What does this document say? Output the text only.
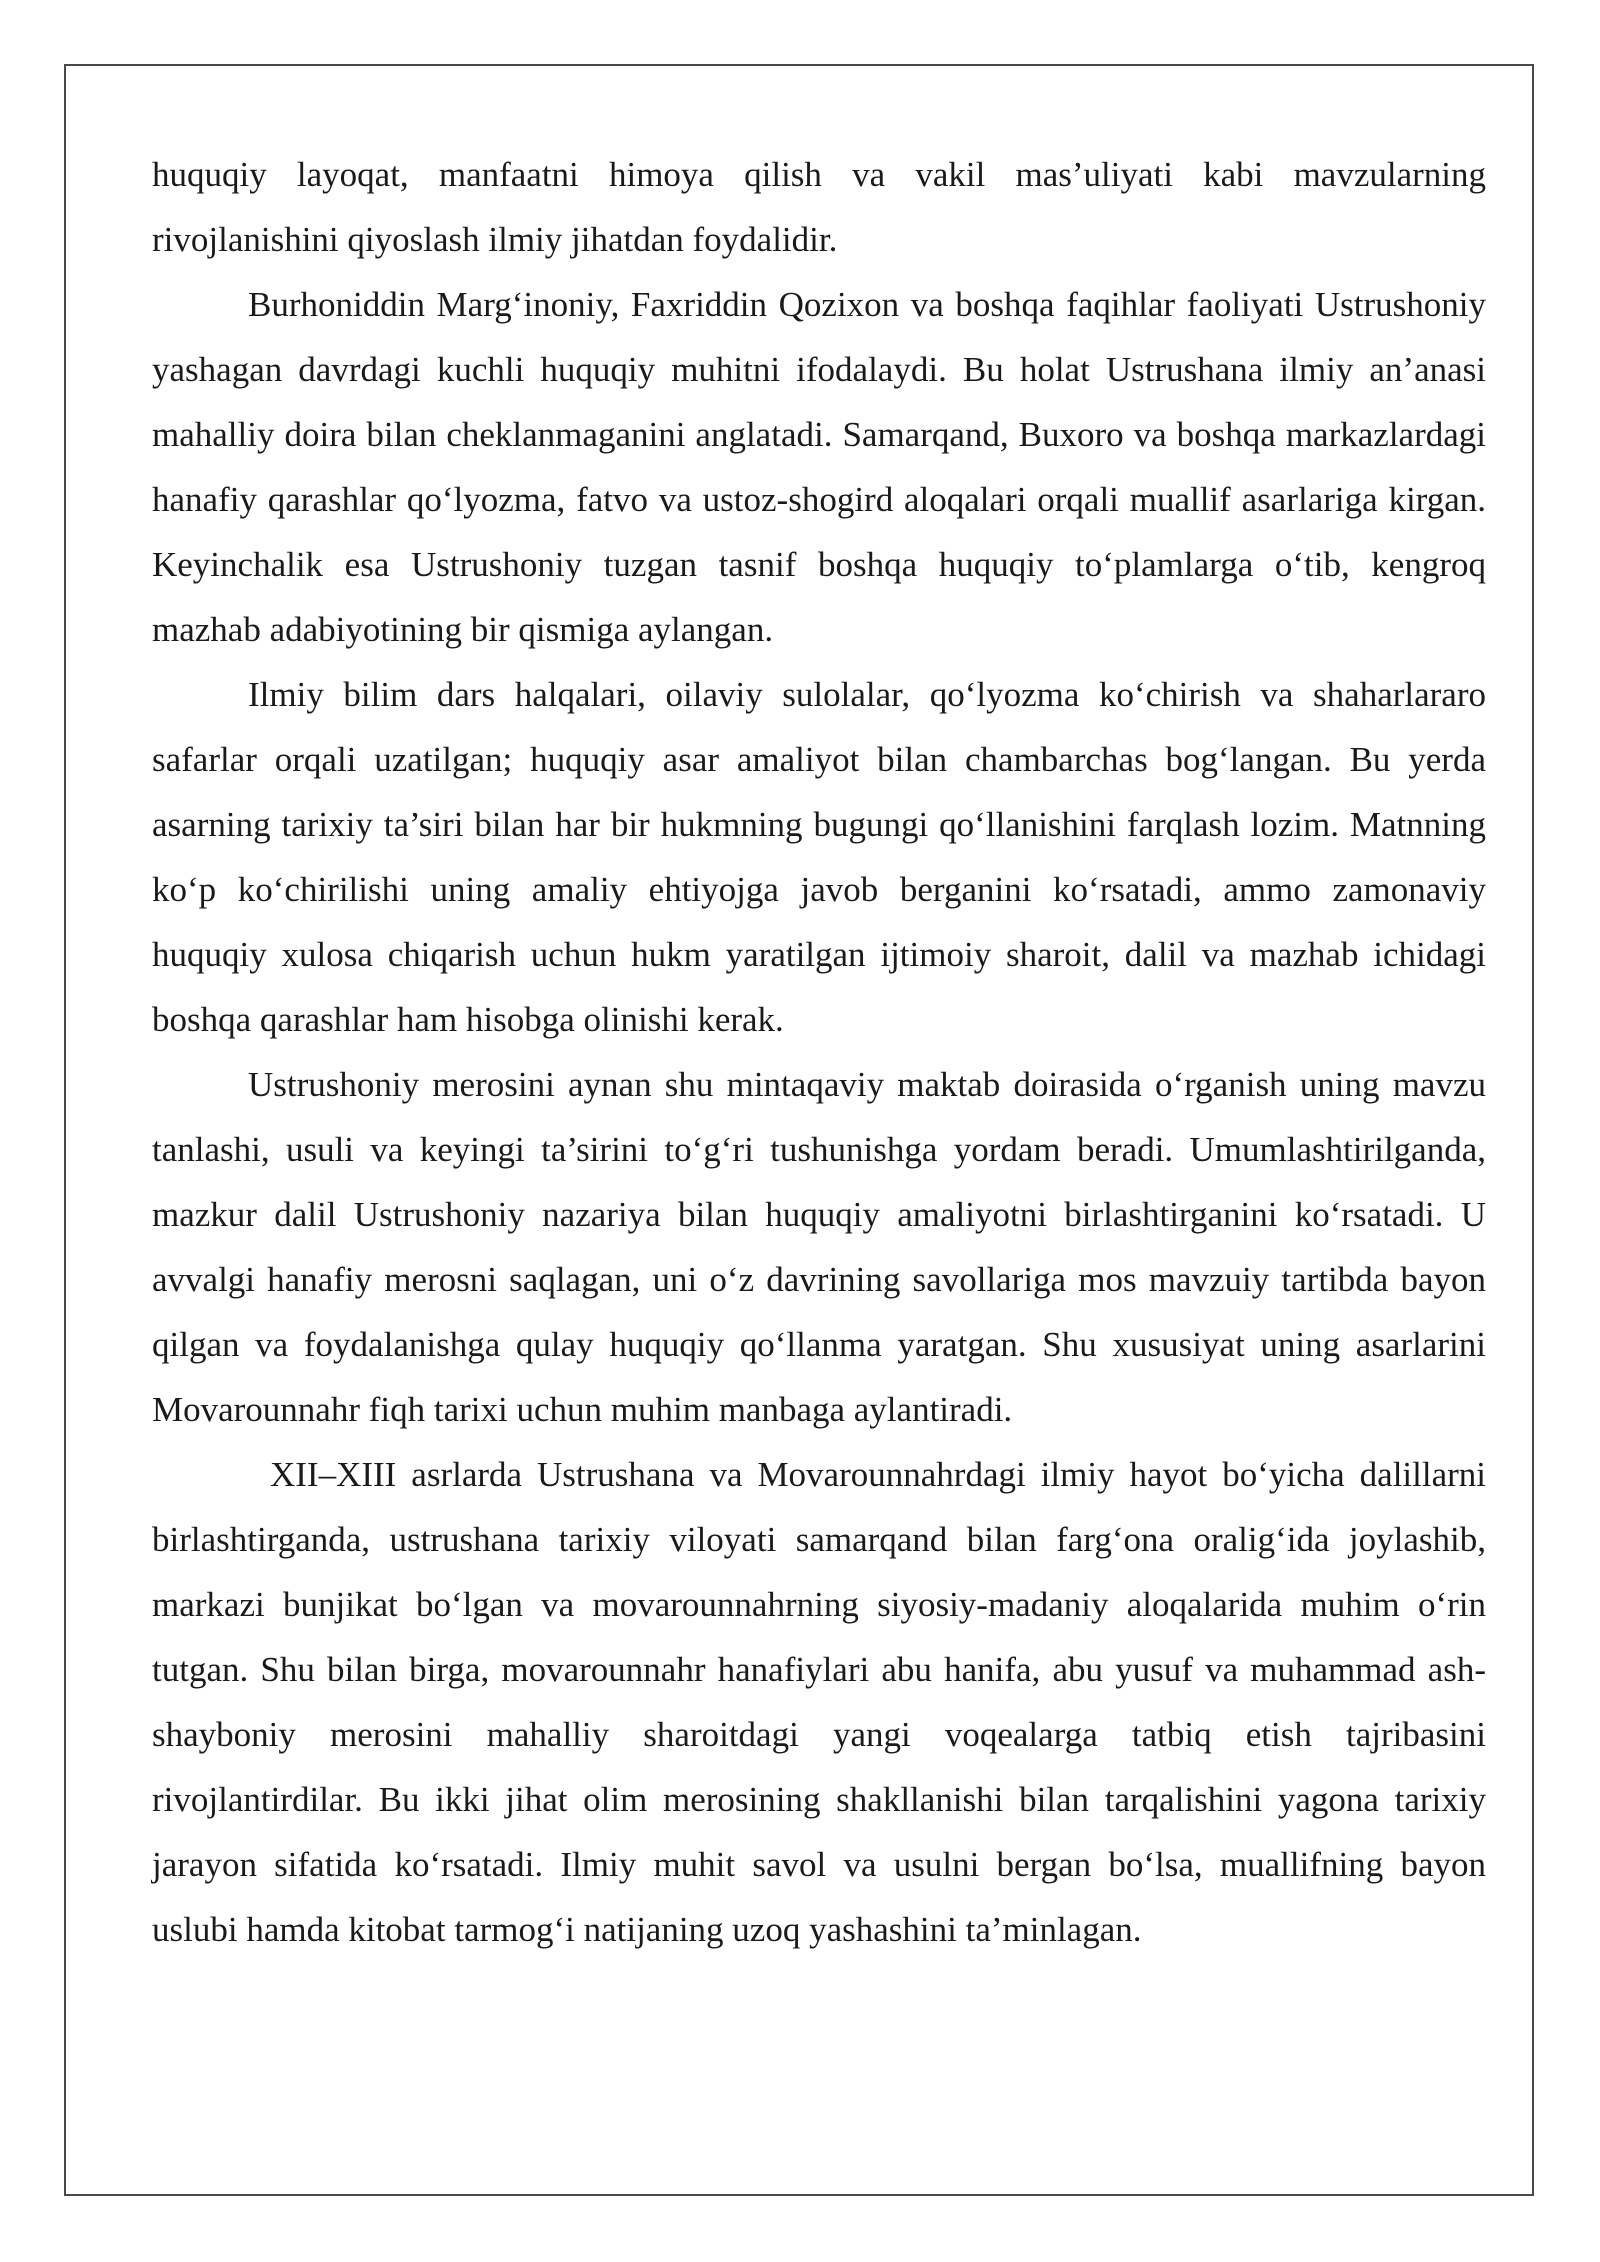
huquqiy layoqat, manfaatni himoya qilish va vakil mas’uliyati kabi mavzularning rivojlanishini qiyoslash ilmiy jihatdan foydalidir.

Burhoniddin Marg‘inoniy, Faxriddin Qozixon va boshqa faqihlar faoliyati Ustrushoniy yashagan davrdagi kuchli huquqiy muhitni ifodalaydi. Bu holat Ustrushana ilmiy an’anasi mahalliy doira bilan cheklanmaganini anglatadi. Samarqand, Buxoro va boshqa markazlardagi hanafiy qarashlar qo‘lyozma, fatvo va ustoz-shogird aloqalari orqali muallif asarlariga kirgan. Keyinchalik esa Ustrushoniy tuzgan tasnif boshqa huquqiy to‘plamlarga o‘tib, kengroq mazhab adabiyotining bir qismiga aylangan.

Ilmiy bilim dars halqalari, oilaviy sulolalar, qo‘lyozma ko‘chirish va shaharlararo safarlar orqali uzatilgan; huquqiy asar amaliyot bilan chambarchas bog‘langan. Bu yerda asarning tarixiy ta’siri bilan har bir hukmning bugungi qo‘llanishini farqlash lozim. Matnning ko‘p ko‘chirilishi uning amaliy ehtiyojga javob berganini ko‘rsatadi, ammo zamonaviy huquqiy xulosa chiqarish uchun hukm yaratilgan ijtimoiy sharoit, dalil va mazhab ichidagi boshqa qarashlar ham hisobga olinishi kerak.

Ustrushoniy merosini aynan shu mintaqaviy maktab doirasida o‘rganish uning mavzu tanlashi, usuli va keyingi ta’sirini to‘g‘ri tushunishga yordam beradi. Umumlashtirilganda, mazkur dalil Ustrushoniy nazariya bilan huquqiy amaliyotni birlashtirganini ko‘rsatadi. U avvalgi hanafiy merosni saqlagan, uni o‘z davrining savollariga mos mavzuiy tartibda bayon qilgan va foydalanishga qulay huquqiy qo‘llanma yaratgan. Shu xususiyat uning asarlarini Movarounnahr fiqh tarixi uchun muhim manbaga aylantiradi.

XII–XIII asrlarda Ustrushana va Movarounnahrdagi ilmiy hayot bo‘yicha dalillarni birlashtirganda, ustrushana tarixiy viloyati samarqand bilan farg‘ona oralig‘ida joylashib, markazi bunjikat bo‘lgan va movarounnahrning siyosiy-madaniy aloqalarida muhim o‘rin tutgan. Shu bilan birga, movarounnahr hanafiylari abu hanifa, abu yusuf va muhammad ash-shayboniy merosini mahalliy sharoitdagi yangi voqealarga tatbiq etish tajribasini rivojlantirdilar. Bu ikki jihat olim merosining shakllanishi bilan tarqalishini yagona tarixiy jarayon sifatida ko‘rsatadi. Ilmiy muhit savol va usulni bergan bo‘lsa, muallifning bayon uslubi hamda kitobat tarmog‘i natijaning uzoq yashashini ta’minlagan.
